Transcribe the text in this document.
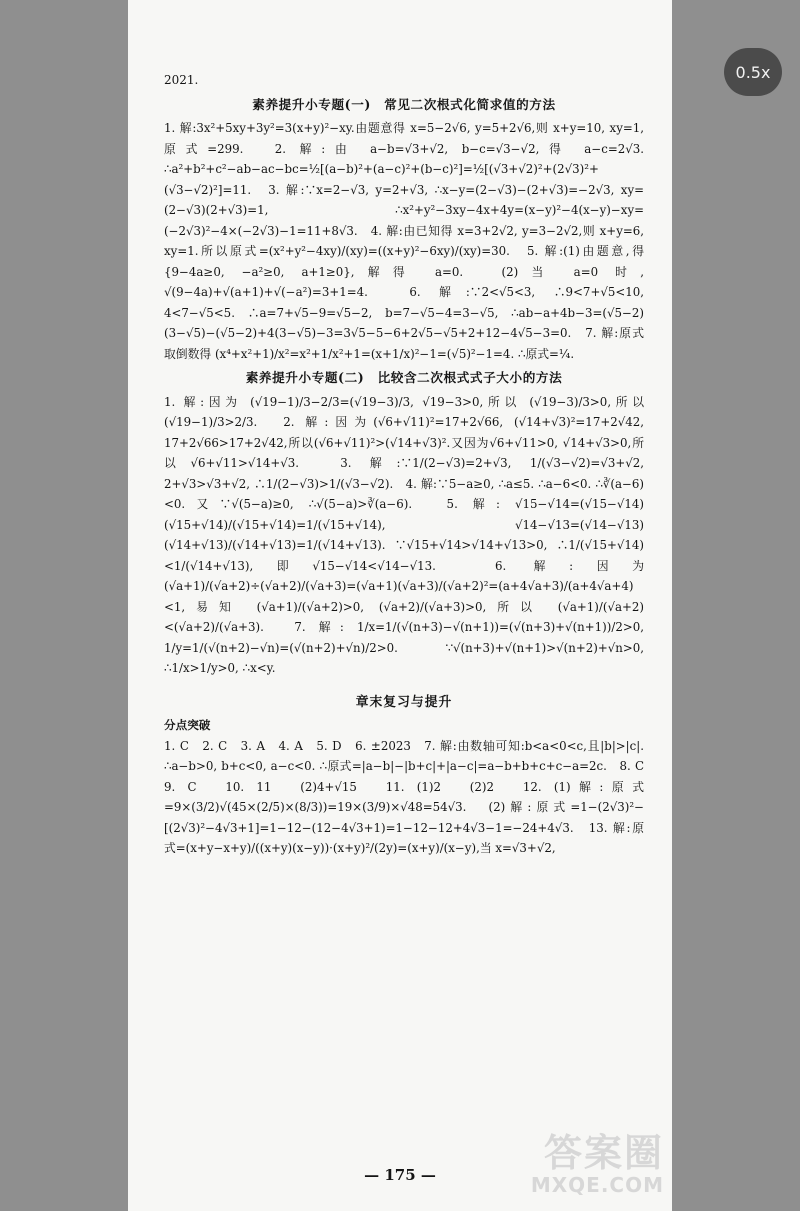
2021.
素养提升小专题(一)　常见二次根式化简求值的方法

1. 解:3x²+5xy+3y²=3(x+y)²−xy.由题意得 x=5−2√6, y=5+2√6,则 x+y=10, xy=1,原式=299.　2. 解:由 a−b=√3+√2, b−c=√3−√2,得 a−c=2√3. ∴a²+b²+c²−ab−ac−bc=½[(a−b)²+(a−c)²+(b−c)²]=½[(√3+√2)²+(2√3)²+(√3−√2)²]=11.　3. 解:∵x=2−√3, y=2+√3, ∴x−y=(2−√3)−(2+√3)=−2√3, xy=(2−√3)(2+√3)=1, ∴x²+y²−3xy−4x+4y=(x−y)²−4(x−y)−xy=(−2√3)²−4×(−2√3)−1=11+8√3.　4. 解:由已知得 x=3+2√2, y=3−2√2,则 x+y=6, xy=1.所以原式=(x²+y²−4xy)/(xy)=((x+y)²−6xy)/(xy)=30.　5. 解:(1)由题意,得{9−4a≥0, −a²≥0, a+1≥0},解得 a=0.　(2)当 a=0 时, √(9−4a)+√(a+1)+√(−a²)=3+1=4.　6. 解:∵2<√5<3, ∴9<7+√5<10, 4<7−√5<5. ∴a=7+√5−9=√5−2, b=7−√5−4=3−√5, ∴ab−a+4b−3=(√5−2)(3−√5)−(√5−2)+4(3−√5)−3=3√5−5−6+2√5−√5+2+12−4√5−3=0.　7. 解:原式取倒数得 (x⁴+x²+1)/x²=x²+1/x²+1=(x+1/x)²−1=(√5)²−1=4. ∴原式=¼.

素养提升小专题(二)　比较含二次根式式子大小的方法

1. 解:因为 (√19−1)/3−2/3=(√19−3)/3, √19−3>0,所以 (√19−3)/3>0,所以 (√19−1)/3>2/3.　2. 解:因为(√6+√11)²=17+2√66, (√14+√3)²=17+2√42, 17+2√66>17+2√42,所以(√6+√11)²>(√14+√3)².又因为√6+√11>0, √14+√3>0,所以√6+√11>√14+√3.　3. 解:∵1/(2−√3)=2+√3, 1/(√3−√2)=√3+√2, 2+√3>√3+√2, ∴1/(2−√3)>1/(√3−√2).　4. 解:∵5−a≥0, ∴a≤5. ∴a−6<0. ∴∛(a−6)<0.又∵√(5−a)≥0, ∴√(5−a)>∛(a−6).　5. 解: √15−√14=(√15−√14)(√15+√14)/(√15+√14)=1/(√15+√14),　√14−√13=(√14−√13)(√14+√13)/(√14+√13)=1/(√14+√13). ∵√15+√14>√14+√13>0, ∴1/(√15+√14)<1/(√14+√13),即√15−√14<√14−√13.　6. 解:因为 (√a+1)/(√a+2)÷(√a+2)/(√a+3)=(√a+1)(√a+3)/(√a+2)²=(a+4√a+3)/(a+4√a+4)<1,易知 (√a+1)/(√a+2)>0, (√a+2)/(√a+3)>0,所以 (√a+1)/(√a+2)<(√a+2)/(√a+3).　7. 解: 1/x=1/(√(n+3)−√(n+1))=(√(n+3)+√(n+1))/2>0, 1/y=1/(√(n+2)−√n)=(√(n+2)+√n)/2>0. ∵√(n+3)+√(n+1)>√(n+2)+√n>0, ∴1/x>1/y>0, ∴x<y.

章末复习与提升
分点突破

1. C　2. C　3. A　4. A　5. D　6. ±2023　7. 解:由数轴可知:b<a<0<c,且|b|>|c|. ∴a−b>0, b+c<0, a−c<0. ∴原式=|a−b|−|b+c|+|a−c|=a−b+b+c+c−a=2c.　8. C　9. C　10. 11　(2)4+√15　11. (1)2　(2)2　12. (1)解:原式=9×(3/2)√(45×(2/5)×(8/3))=19×(3/9)×√48=54√3.　(2)解:原式=1−(2√3)²−[(2√3)²−4√3+1]=1−12−(12−4√3+1)=1−12−12+4√3−1=−24+4√3.　13. 解:原式=(x+y−x+y)/((x+y)(x−y))·(x+y)²/(2y)=(x+y)/(x−y),当 x=√3+√2,

— 175 —	答案圈
MXQE.COM
0.5x
